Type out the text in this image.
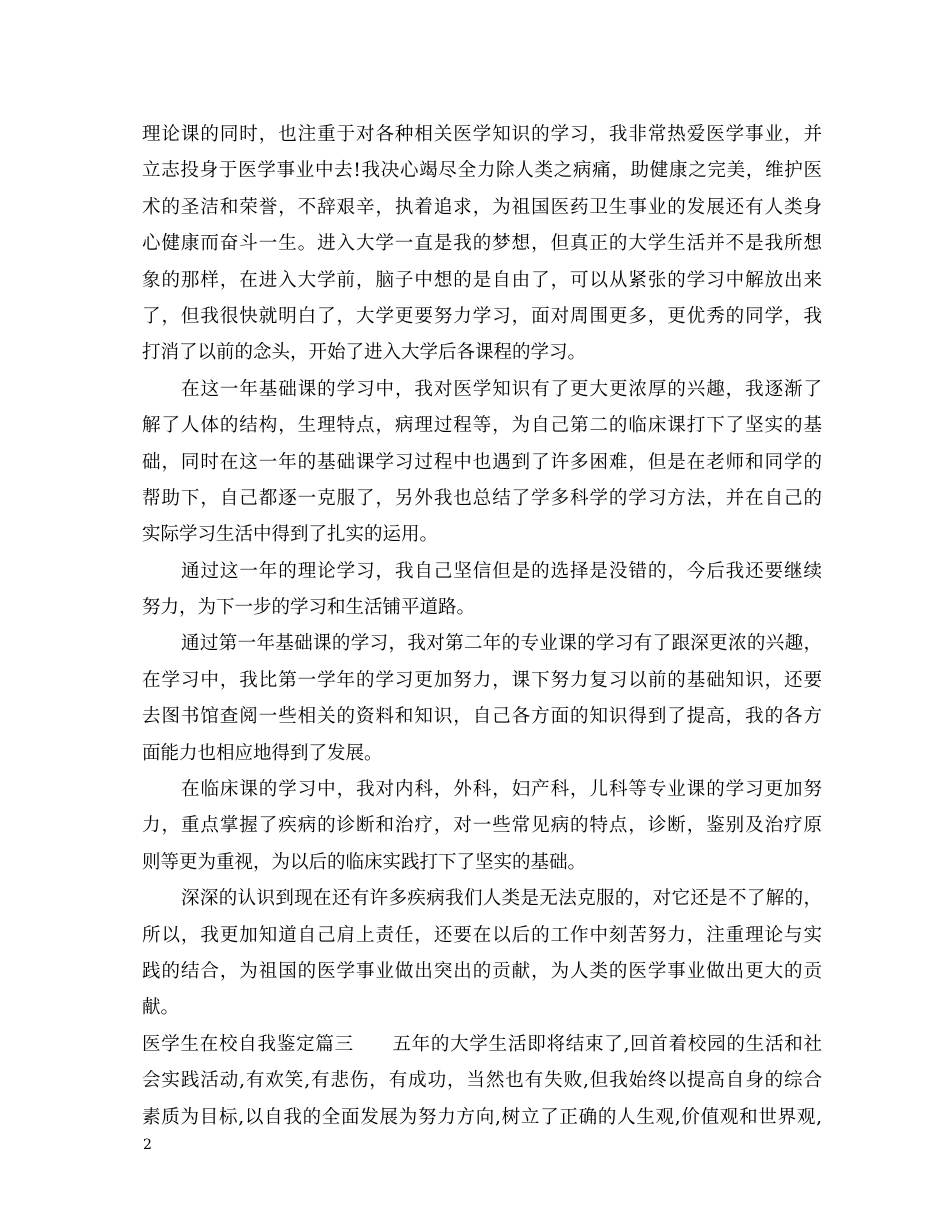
理论课的同时，也注重于对各种相关医学知识的学习，我非常热爱医学事业，并
立志投身于医学事业中去!我决心竭尽全力除人类之病痛，助健康之完美，维护医
术的圣洁和荣誉，不辞艰辛，执着追求，为祖国医药卫生事业的发展还有人类身
心健康而奋斗一生。进入大学一直是我的梦想，但真正的大学生活并不是我所想
象的那样，在进入大学前，脑子中想的是自由了，可以从紧张的学习中解放出来
了，但我很快就明白了，大学更要努力学习，面对周围更多，更优秀的同学，我
打消了以前的念头，开始了进入大学后各课程的学习。
在这一年基础课的学习中，我对医学知识有了更大更浓厚的兴趣，我逐渐了
解了人体的结构，生理特点，病理过程等，为自己第二的临床课打下了坚实的基
础，同时在这一年的基础课学习过程中也遇到了许多困难，但是在老师和同学的
帮助下，自己都逐一克服了，另外我也总结了学多科学的学习方法，并在自己的
实际学习生活中得到了扎实的运用。
通过这一年的理论学习，我自己坚信但是的选择是没错的，今后我还要继续
努力，为下一步的学习和生活铺平道路。
通过第一年基础课的学习，我对第二年的专业课的学习有了跟深更浓的兴趣，
在学习中，我比第一学年的学习更加努力，课下努力复习以前的基础知识，还要
去图书馆查阅一些相关的资料和知识，自己各方面的知识得到了提高，我的各方
面能力也相应地得到了发展。
在临床课的学习中，我对内科，外科，妇产科，儿科等专业课的学习更加努
力，重点掌握了疾病的诊断和治疗，对一些常见病的特点，诊断，鉴别及治疗原
则等更为重视，为以后的临床实践打下了坚实的基础。
深深的认识到现在还有许多疾病我们人类是无法克服的，对它还是不了解的，
所以，我更加知道自己肩上责任，还要在以后的工作中刻苦努力，注重理论与实
践的结合，为祖国的医学事业做出突出的贡献，为人类的医学事业做出更大的贡
献。
医学生在校自我鉴定篇三　　五年的大学生活即将结束了,回首着校园的生活和社
会实践活动,有欢笑,有悲伤，有成功，当然也有失败,但我始终以提高自身的综合
素质为目标,以自我的全面发展为努力方向,树立了正确的人生观,价值观和世界观,
2
